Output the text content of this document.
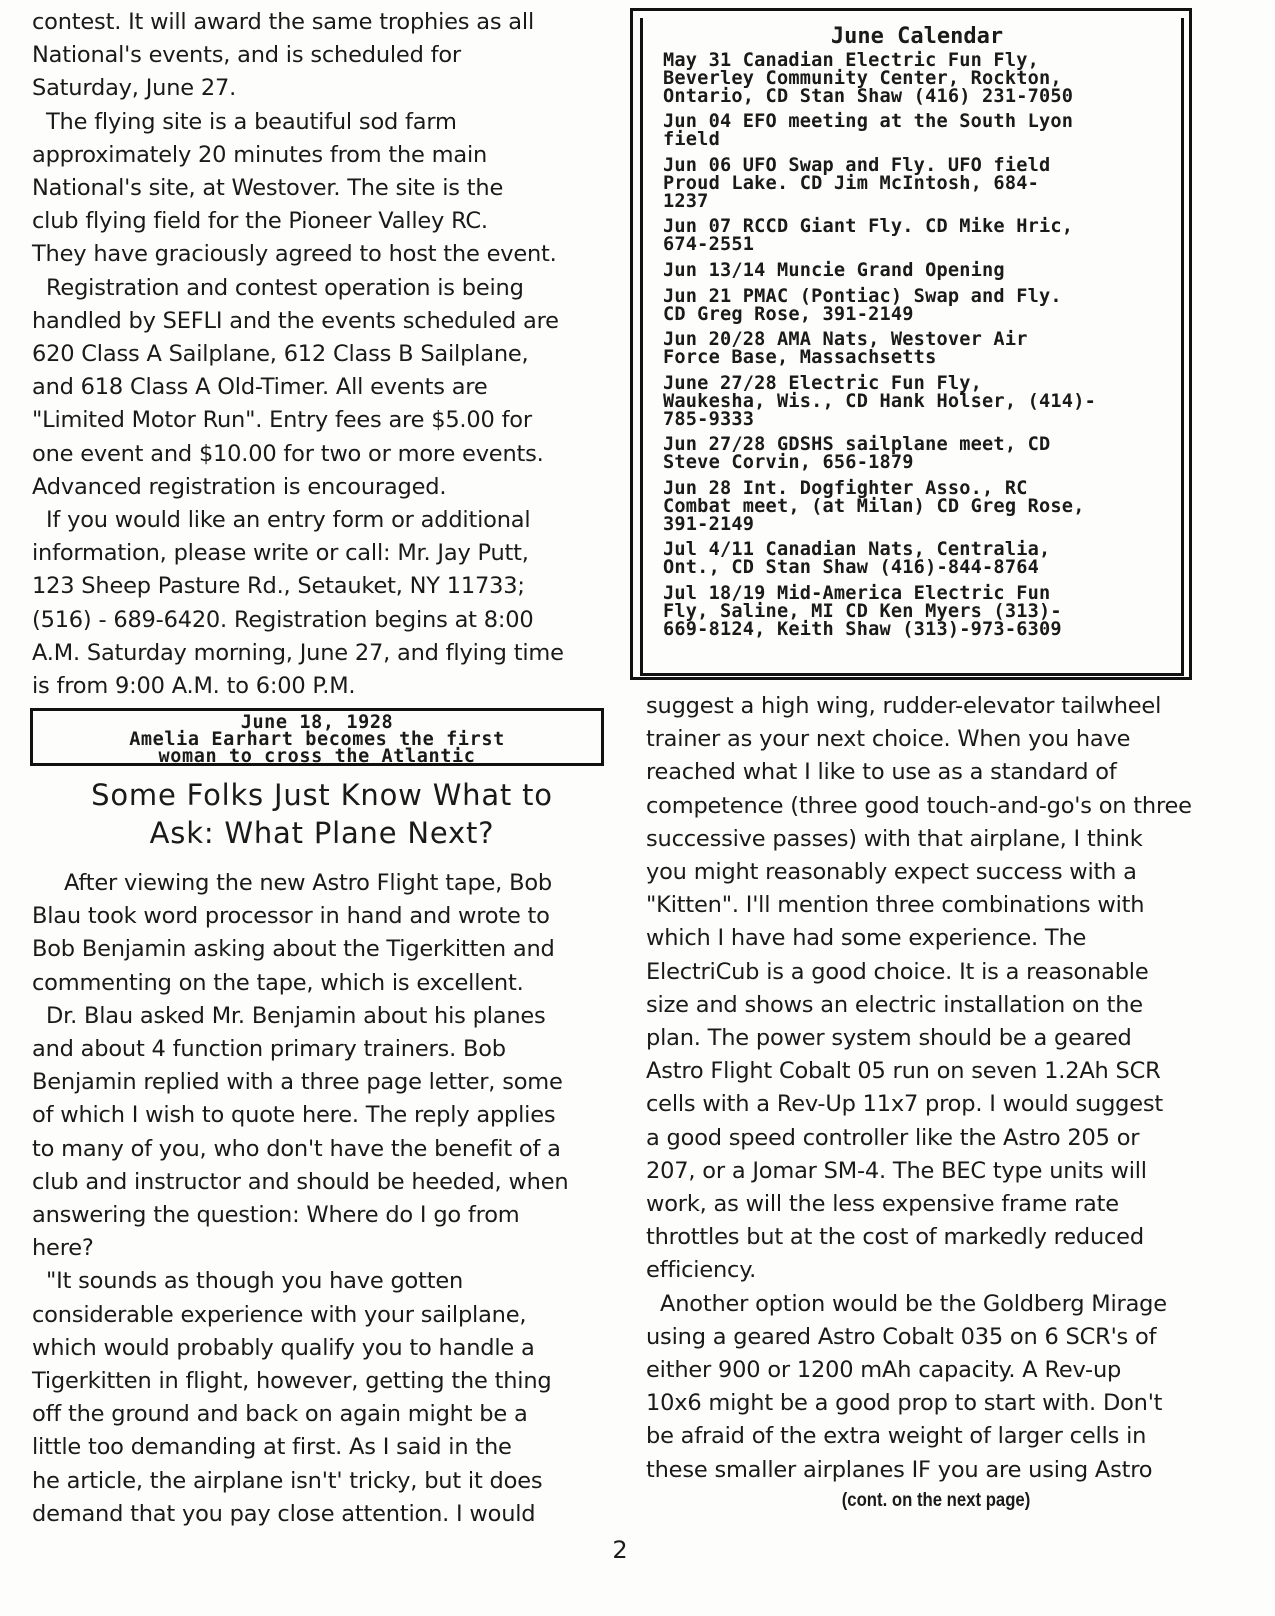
contest. It will award the same trophies as all
National's events, and is scheduled for
Saturday, June 27.

The flying site is a beautiful sod farm
approximately 20 minutes from the main
National's site, at Westover. The site is the
club flying field for the Pioneer Valley RC.
They have graciously agreed to host the event.

Registration and contest operation is being
handled by SEFLI and the events scheduled are
620 Class A Sailplane, 612 Class B Sailplane,
and 618 Class A Old-Timer. All events are
"Limited Motor Run". Entry fees are $5.00 for
one event and $10.00 for two or more events.
Advanced registration is encouraged.

If you would like an entry form or additional
information, please write or call: Mr. Jay Putt,
123 Sheep Pasture Rd., Setauket, NY 11733;
(516) - 689-6420. Registration begins at 8:00
A.M. Saturday morning, June 27, and flying time
is from 9:00 A.M. to 6:00 P.M.

June 18, 1928
Amelia Earhart becomes the first
woman to cross the Atlantic
Some Folks Just Know What to
Ask: What Plane Next?

After viewing the new Astro Flight tape, Bob
Blau took word processor in hand and wrote to
Bob Benjamin asking about the Tigerkitten and
commenting on the tape, which is excellent.

Dr. Blau asked Mr. Benjamin about his planes
and about 4 function primary trainers. Bob
Benjamin replied with a three page letter, some
of which I wish to quote here. The reply applies
to many of you, who don't have the benefit of a
club and instructor and should be heeded, when
answering the question: Where do I go from
here?

"It sounds as though you have gotten
considerable experience with your sailplane,
which would probably qualify you to handle a
Tigerkitten in flight, however, getting the thing
off the ground and back on again might be a
little too demanding at first. As I said in the
he article, the airplane isn't' tricky, but it does
demand that you pay close attention. I would

June Calendar
May 31 Canadian Electric Fun Fly,
Beverley Community Center, Rockton,
Ontario, CD Stan Shaw (416) 231-7050
Jun 04 EFO meeting at the South Lyon
field
Jun 06 UFO Swap and Fly. UFO field
Proud Lake. CD Jim McIntosh, 684-
1237
Jun 07 RCCD Giant Fly. CD Mike Hric,
674-2551
Jun 13/14 Muncie Grand Opening
Jun 21 PMAC (Pontiac) Swap and Fly.
CD Greg Rose, 391-2149
Jun 20/28 AMA Nats, Westover Air
Force Base, Massachsetts
June 27/28 Electric Fun Fly,
Waukesha, Wis., CD Hank Holser, (414)-
785-9333
Jun 27/28 GDSHS sailplane meet, CD
Steve Corvin, 656-1879
Jun 28 Int. Dogfighter Asso., RC
Combat meet, (at Milan) CD Greg Rose,
391-2149
Jul 4/11 Canadian Nats, Centralia,
Ont., CD Stan Shaw (416)-844-8764
Jul 18/19 Mid-America Electric Fun
Fly, Saline, MI CD Ken Myers (313)-
669-8124, Keith Shaw (313)-973-6309

suggest a high wing, rudder-elevator tailwheel
trainer as your next choice. When you have
reached what I like to use as a standard of
competence (three good touch-and-go's on three
successive passes) with that airplane, I think
you might reasonably expect success with a
"Kitten". I'll mention three combinations with
which I have had some experience. The
ElectriCub is a good choice. It is a reasonable
size and shows an electric installation on the
plan. The power system should be a geared
Astro Flight Cobalt 05 run on seven 1.2Ah SCR
cells with a Rev-Up 11x7 prop. I would suggest
a good speed controller like the Astro 205 or
207, or a Jomar SM-4. The BEC type units will
work, as will the less expensive frame rate
throttles but at the cost of markedly reduced
efficiency.

Another option would be the Goldberg Mirage
using a geared Astro Cobalt 035 on 6 SCR's of
either 900 or 1200 mAh capacity. A Rev-up
10x6 might be a good prop to start with. Don't
be afraid of the extra weight of larger cells in
these smaller airplanes IF you are using Astro

(cont. on the next page)
2
